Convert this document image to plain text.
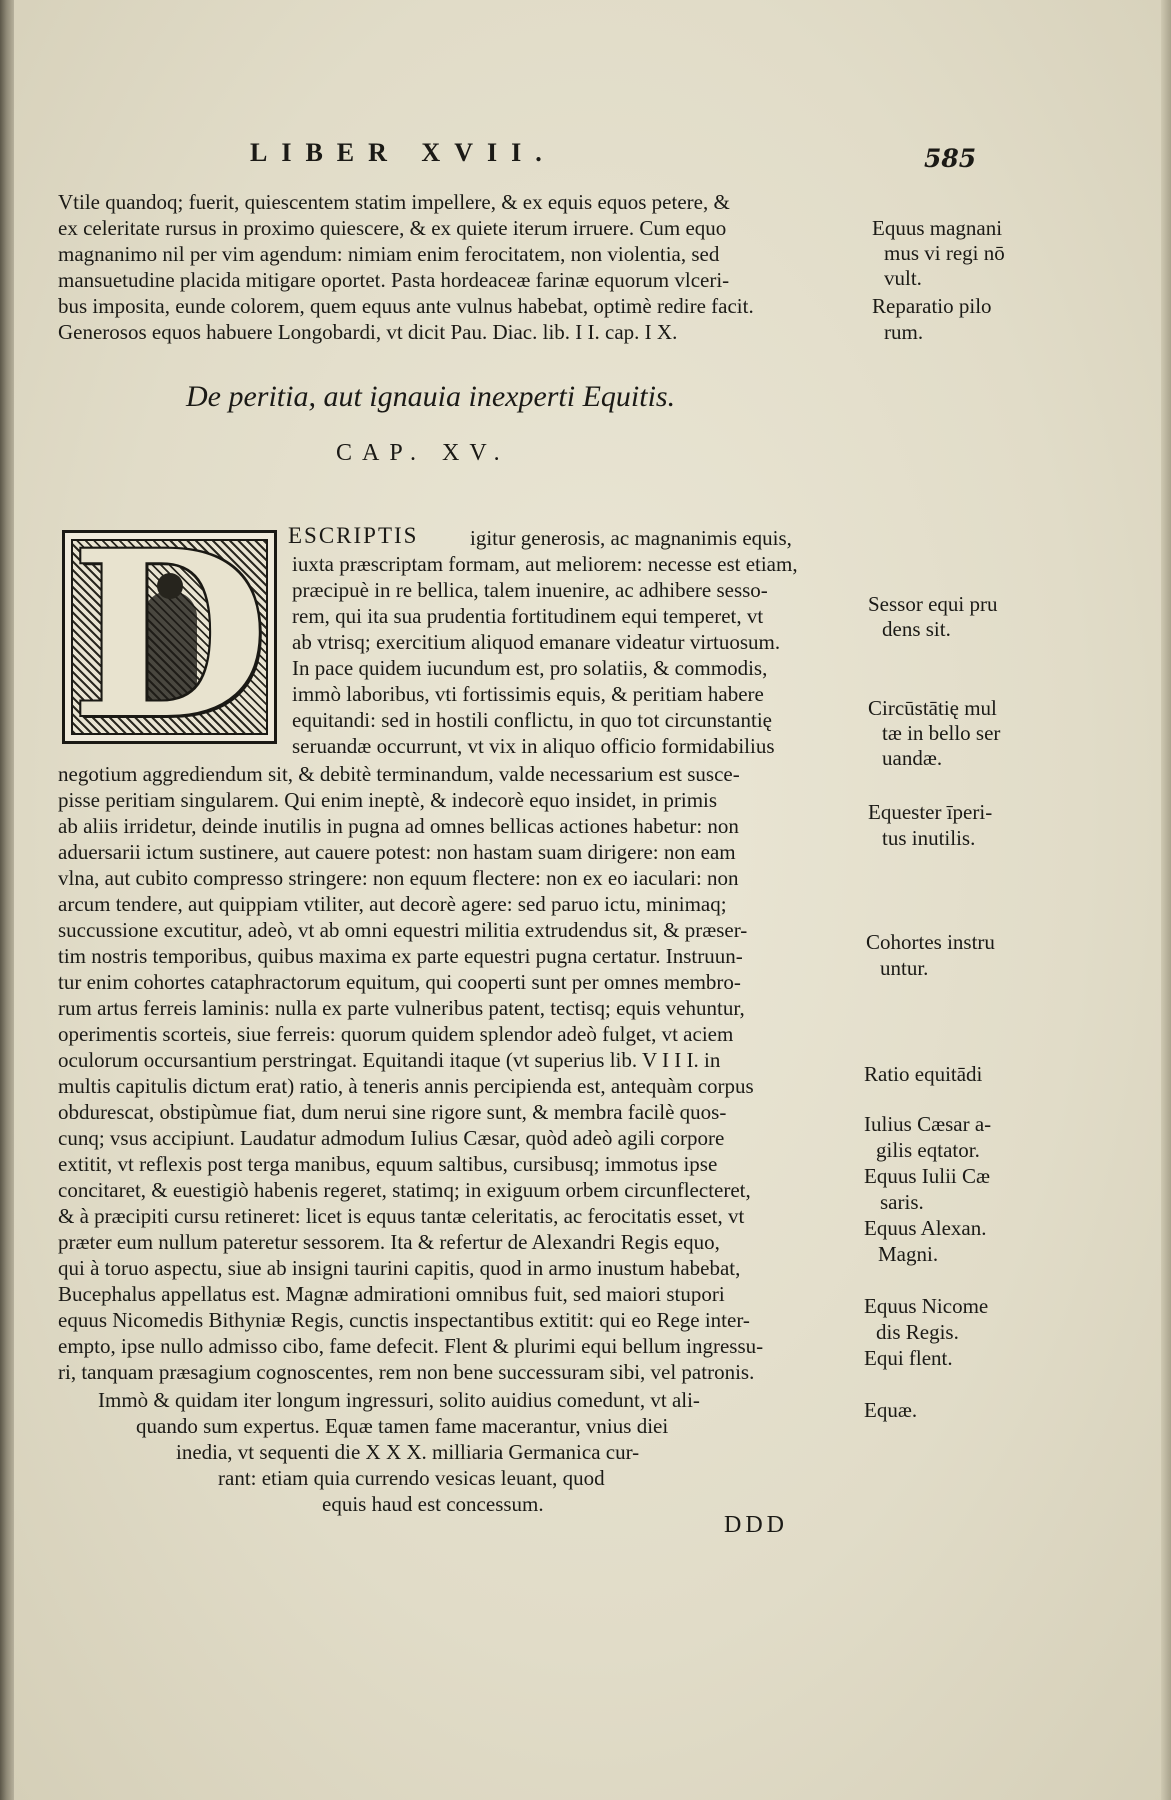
LIBER XVII.	585
Vtile quandoq; fuerit, quiescentem statim impellere, & ex equis equos petere, &
ex celeritate rursus in proximo quiescere, & ex quiete iterum irruere. Cum equo
magnanimo nil per vim agendum: nimiam enim ferocitatem, non violentia, sed
mansuetudine placida mitigare oportet. Pasta hordeaceæ farinæ equorum vlceri-
bus imposita, eunde colorem, quem equus ante vulnus habebat, optimè redire facit.
Generosos equos habuere Longobardi, vt dicit Pau. Diac. lib. I I. cap. I X.
De peritia, aut ignauia inexperti Equitis.
CAP. XV.
D ESCRIPTIS igitur generosis, ac magnanimis equis,
iuxta præscriptam formam, aut meliorem: necesse est etiam,
præcipuè in re bellica, talem inuenire, ac adhibere sesso-
rem, qui ita sua prudentia fortitudinem equi temperet, vt
ab vtrisq; exercitium aliquod emanare videatur virtuosum.
In pace quidem iucundum est, pro solatiis, & commodis,
immò laboribus, vti fortissimis equis, & peritiam habere
equitandi: sed in hostili conflictu, in quo tot circunstantię
seruandæ occurrunt, vt vix in aliquo officio formidabilius
negotium aggrediendum sit, & debitè terminandum, valde necessarium est susce-
pisse peritiam singularem. Qui enim ineptè, & indecorè equo insidet, in primis
ab aliis irridetur, deinde inutilis in pugna ad omnes bellicas actiones habetur: non
aduersarii ictum sustinere, aut cauere potest: non hastam suam dirigere: non eam
vlna, aut cubito compresso stringere: non equum flectere: non ex eo iaculari: non
arcum tendere, aut quippiam vtiliter, aut decorè agere: sed paruo ictu, minimaq;
succussione excutitur, adeò, vt ab omni equestri militia extrudendus sit, & præser-
tim nostris temporibus, quibus maxima ex parte equestri pugna certatur. Instruun-
tur enim cohortes cataphractorum equitum, qui cooperti sunt per omnes membro-
rum artus ferreis laminis: nulla ex parte vulneribus patent, tectisq; equis vehuntur,
operimentis scorteis, siue ferreis: quorum quidem splendor adeò fulget, vt aciem
oculorum occursantium perstringat. Equitandi itaque (vt superius lib. V I I I. in
multis capitulis dictum erat) ratio, à teneris annis percipienda est, antequàm corpus
obdurescat, obstipùmue fiat, dum nerui sine rigore sunt, & membra facilè quos-
cunq; vsus accipiunt. Laudatur admodum Iulius Cæsar, quòd adeò agili corpore
extitit, vt reflexis post terga manibus, equum saltibus, cursibusq; immotus ipse
concitaret, & euestigiò habenis regeret, statimq; in exiguum orbem circunflecteret,
& à præcipiti cursu retineret: licet is equus tantæ celeritatis, ac ferocitatis esset, vt
præter eum nullum pateretur sessorem. Ita & refertur de Alexandri Regis equo,
qui à toruo aspectu, siue ab insigni taurini capitis, quod in armo inustum habebat,
Bucephalus appellatus est. Magnæ admirationi omnibus fuit, sed maiori stupori
equus Nicomedis Bithyniæ Regis, cunctis inspectantibus extitit: qui eo Rege inter-
empto, ipse nullo admisso cibo, fame defecit. Flent & plurimi equi bellum ingressu-
ri, tanquam præsagium cognoscentes, rem non bene successuram sibi, vel patronis.
Immò & quidam iter longum ingressuri, solito auidius comedunt, vt ali-
quando sum expertus. Equæ tamen fame macerantur, vnius diei
inedia, vt sequenti die X X X. milliaria Germanica cur-
rant: etiam quia currendo vesicas leuant, quod
equis haud est concessum.
Equus magnani
mus vi regi nō
vult.
Reparatio pilo
rum.
Sessor equi pru
dens sit.
Circūstātię mul
tæ in bello ser
uandæ.
Equester īperi-
tus inutilis.
Cohortes instru
untur.
Ratio equitādi
Iulius Cæsar a-
gilis eqtator.
Equus Iulii Cæ
saris.
Equus Alexan.
Magni.
Equus Nicome
dis Regis.
Equi flent.
Equæ.
DDD
